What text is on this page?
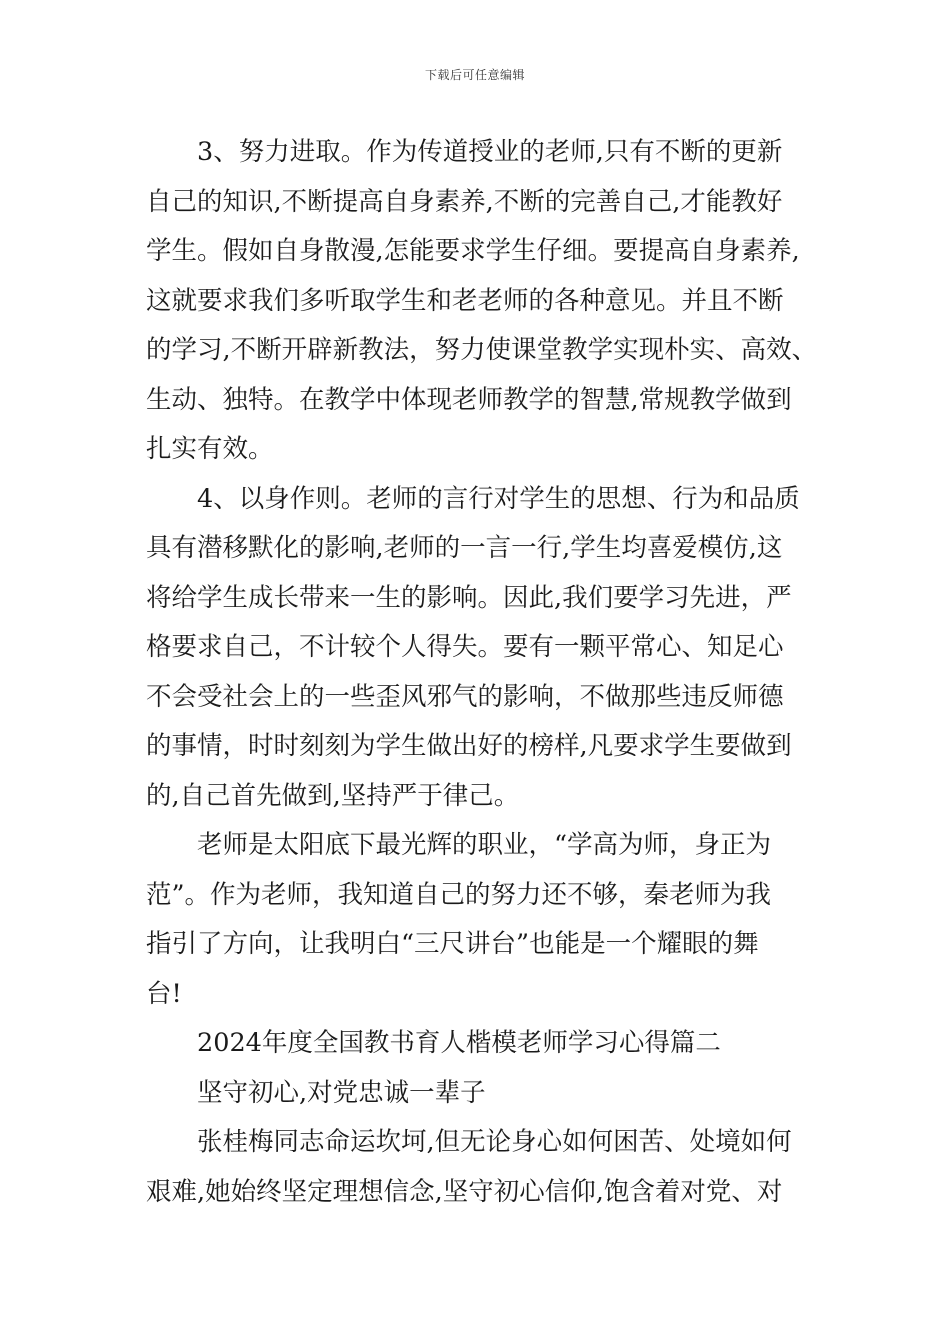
下载后可任意编辑
3、努力进取。作为传道授业的老师,只有不断的更新
自己的知识,不断提高自身素养,不断的完善自己,才能教好
学生。假如自身散漫,怎能要求学生仔细。要提高自身素养,
这就要求我们多听取学生和老老师的各种意见。并且不断
的学习,不断开辟新教法，努力使课堂教学实现朴实、高效、
生动、独特。在教学中体现老师教学的智慧,常规教学做到
扎实有效。
4、以身作则。老师的言行对学生的思想、行为和品质
具有潜移默化的影响,老师的一言一行,学生均喜爱模仿,这
将给学生成长带来一生的影响。因此,我们要学习先进，严
格要求自己，不计较个人得失。要有一颗平常心、知足心
不会受社会上的一些歪风邪气的影响，不做那些违反师德
的事情，时时刻刻为学生做出好的榜样,凡要求学生要做到
的,自己首先做到,坚持严于律己。
老师是太阳底下最光辉的职业，“学高为师，身正为
范”。作为老师，我知道自己的努力还不够，秦老师为我
指引了方向，让我明白“三尺讲台”也能是一个耀眼的舞
台!
2024年度全国教书育人楷模老师学习心得篇二
坚守初心,对党忠诚一辈子
张桂梅同志命运坎坷,但无论身心如何困苦、处境如何
艰难,她始终坚定理想信念,坚守初心信仰,饱含着对党、对
